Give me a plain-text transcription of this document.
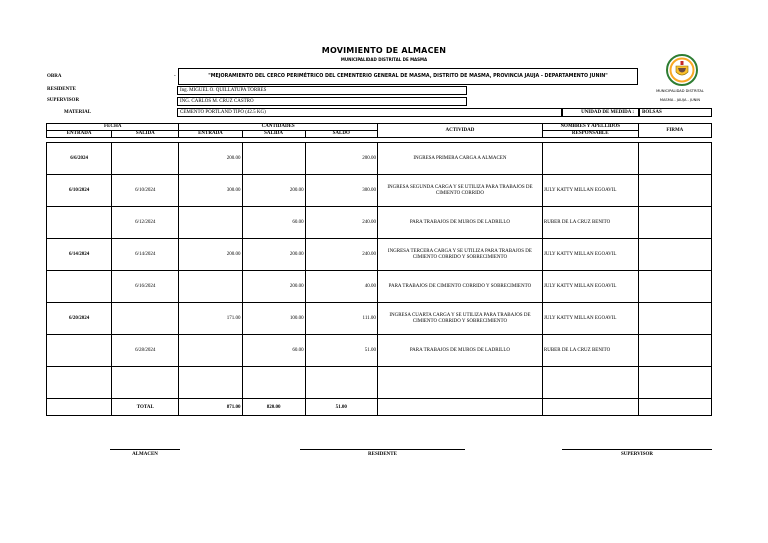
MOVIMIENTO DE ALMACEN
MUNICIPALIDAD DISTRITAL DE MASMA
MUNICIPALIDAD DISTRITAL
MASMA - JAUJA - JUNIN
OBRA	-	"MEJORAMIENTO DEL CERCO PERIMÉTRICO DEL CEMENTERIO GENERAL DE MASMA, DISTRITO DE MASMA, PROVINCIA JAUJA - DEPARTAMENTO JUNIN"
RESIDENTE	Ing. MIGUEL O. QUILLATUPA TORRES
SUPERVISOR	ING. CARLOS M. CRUZ CASTRO
MATERIAL	CEMENTO PORTLAND TIPO (42.5 KG)	UNIDAD DE MEDIDA :	BOLSAS
FECHA		CANTIDADES			ACTIVIDAD	NOMBRES Y APELLIDOS	FIRMA
ENTRADA	SALIDA	ENTRADA	SALIDA	SALDO		RESPONSABLE	

6/6/2024		200.00		200.00	INGRESA PRIMERA CARGA A ALMACEN		
6/10/2024	6/10/2024	300.00	200.00	300.00	INGRESA SEGUNDA CARGA Y SE UTILIZA PARA TRABAJOS DE CIMIENTO CORRIDO	JULY KATTY MILLAN EGOAVIL	
	6/12/2024		60.00	240.00	PARA TRABAJOS DE MUROS DE LADRILLO	RUBER DE LA CRUZ BENITO	
6/14/2024	6/14/2024	200.00	200.00	240.00	INGRESA TERCERA CARGA Y SE UTILIZA PARA TRABAJOS DE CIMIENTO CORRIDO Y SOBRECIMIENTO	JULY KATTY MILLAN EGOAVIL	
	6/16/2024		200.00	40.00	PARA TRABAJOS DE CIMIENTO CORRIDO Y SOBRECIMIENTO	JULY KATTY MILLAN EGOAVIL	
6/20/2024		171.00	100.00	111.00	INGRESA CUARTA CARGA Y SE UTILIZA PARA TRABAJOS DE CIMIENTO CORRIDO Y SOBRECIMIENTO	JULY KATTY MILLAN EGOAVIL	
	6/28/2024		60.00	51.00	PARA TRABAJOS DE MUROS DE LADRILLO	RUBER DE LA CRUZ BENITO	

	TOTAL	871.00	820.00	51.00			
ALMACEN	RESIDENTE	SUPERVISOR
